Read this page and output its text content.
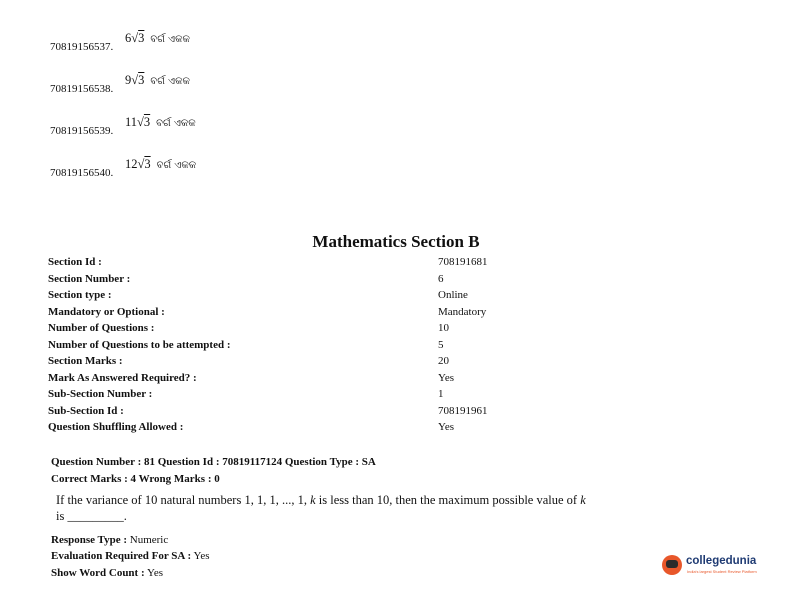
70819156537.
6√3 ବର୍ଗ ଏକକ
70819156538.
9√3 ବର୍ଗ ଏକକ
70819156539.
11√3 ବର୍ଗ ଏକକ
70819156540.
12√3 ବର୍ଗ ଏକକ
Mathematics Section B
Section Id :	708191681
Section Number :	6
Section type :	Online
Mandatory or Optional :	Mandatory
Number of Questions :	10
Number of Questions to be attempted :	5
Section Marks :	20
Mark As Answered Required? :	Yes
Sub-Section Number :	1
Sub-Section Id :	708191961
Question Shuffling Allowed :	Yes
Question Number : 81 Question Id : 70819117124 Question Type : SA
Correct Marks : 4 Wrong Marks : 0
If the variance of 10 natural numbers 1, 1, 1, ..., 1, k is less than 10, then the maximum possible value of k is _________.
Response Type : Numeric
Evaluation Required For SA : Yes
Show Word Count : Yes
collegedunia
India's largest Student Review Platform
